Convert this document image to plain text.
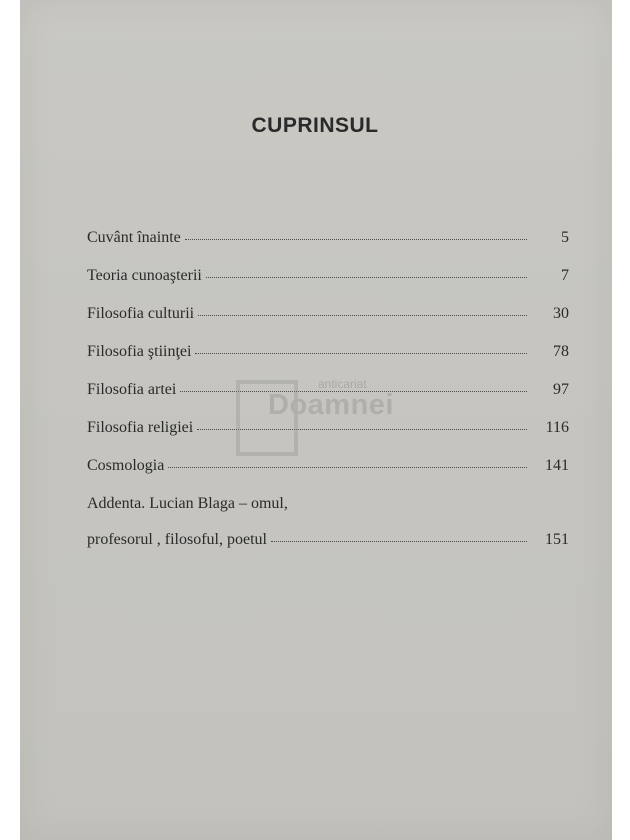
CUPRINSUL
Cuvânt înainte	5
Teoria cunoaşterii	7
Filosofia culturii	30
Filosofia ştiinţei	78
Filosofia artei	97
Filosofia religiei	116
Cosmologia	141
Addenta. Lucian Blaga – omul,
profesorul , filosoful, poetul	151
anticariat
Doamnei
